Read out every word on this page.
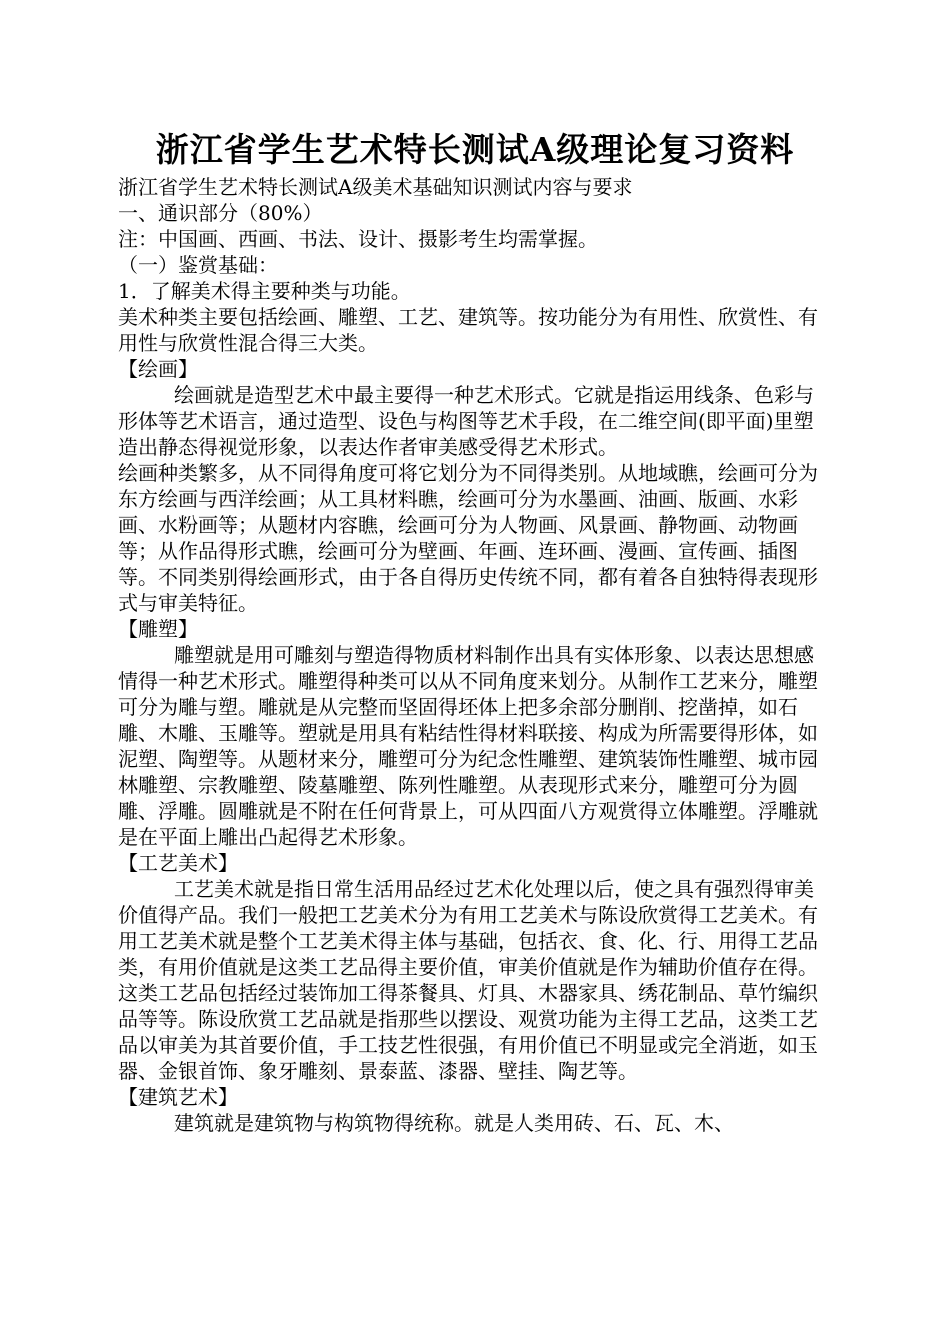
浙江省学生艺术特长测试A级理论复习资料

浙江省学生艺术特长测试A级美术基础知识测试内容与要求

一、通识部分（80%）

注：中国画、西画、书法、设计、摄影考生均需掌握。

（一）鉴赏基础：

1．了解美术得主要种类与功能。

美术种类主要包括绘画、雕塑、工艺、建筑等。按功能分为有用性、欣赏性、有用性与欣赏性混合得三大类。

【绘画】

绘画就是造型艺术中最主要得一种艺术形式。它就是指运用线条、色彩与形体等艺术语言，通过造型、设色与构图等艺术手段，在二维空间(即平面)里塑造出静态得视觉形象，以表达作者审美感受得艺术形式。

绘画种类繁多，从不同得角度可将它划分为不同得类别。从地域瞧，绘画可分为东方绘画与西洋绘画；从工具材料瞧，绘画可分为水墨画、油画、版画、水彩画、水粉画等；从题材内容瞧，绘画可分为人物画、风景画、静物画、动物画等；从作品得形式瞧，绘画可分为壁画、年画、连环画、漫画、宣传画、插图等。不同类别得绘画形式，由于各自得历史传统不同，都有着各自独特得表现形式与审美特征。

【雕塑】

雕塑就是用可雕刻与塑造得物质材料制作出具有实体形象、以表达思想感情得一种艺术形式。雕塑得种类可以从不同角度来划分。从制作工艺来分，雕塑可分为雕与塑。雕就是从完整而坚固得坯体上把多余部分删削、挖凿掉，如石雕、木雕、玉雕等。塑就是用具有粘结性得材料联接、构成为所需要得形体，如泥塑、陶塑等。从题材来分，雕塑可分为纪念性雕塑、建筑装饰性雕塑、城市园林雕塑、宗教雕塑、陵墓雕塑、陈列性雕塑。从表现形式来分，雕塑可分为圆雕、浮雕。圆雕就是不附在任何背景上，可从四面八方观赏得立体雕塑。浮雕就是在平面上雕出凸起得艺术形象。

【工艺美术】

工艺美术就是指日常生活用品经过艺术化处理以后，使之具有强烈得审美价值得产品。我们一般把工艺美术分为有用工艺美术与陈设欣赏得工艺美术。有用工艺美术就是整个工艺美术得主体与基础，包括衣、食、化、行、用得工艺品类，有用价值就是这类工艺品得主要价值，审美价值就是作为辅助价值存在得。这类工艺品包括经过装饰加工得茶餐具、灯具、木器家具、绣花制品、草竹编织品等等。陈设欣赏工艺品就是指那些以摆设、观赏功能为主得工艺品，这类工艺品以审美为其首要价值，手工技艺性很强，有用价值已不明显或完全消逝，如玉器、金银首饰、象牙雕刻、景泰蓝、漆器、壁挂、陶艺等。

【建筑艺术】

建筑就是建筑物与构筑物得统称。就是人类用砖、石、瓦、木、
